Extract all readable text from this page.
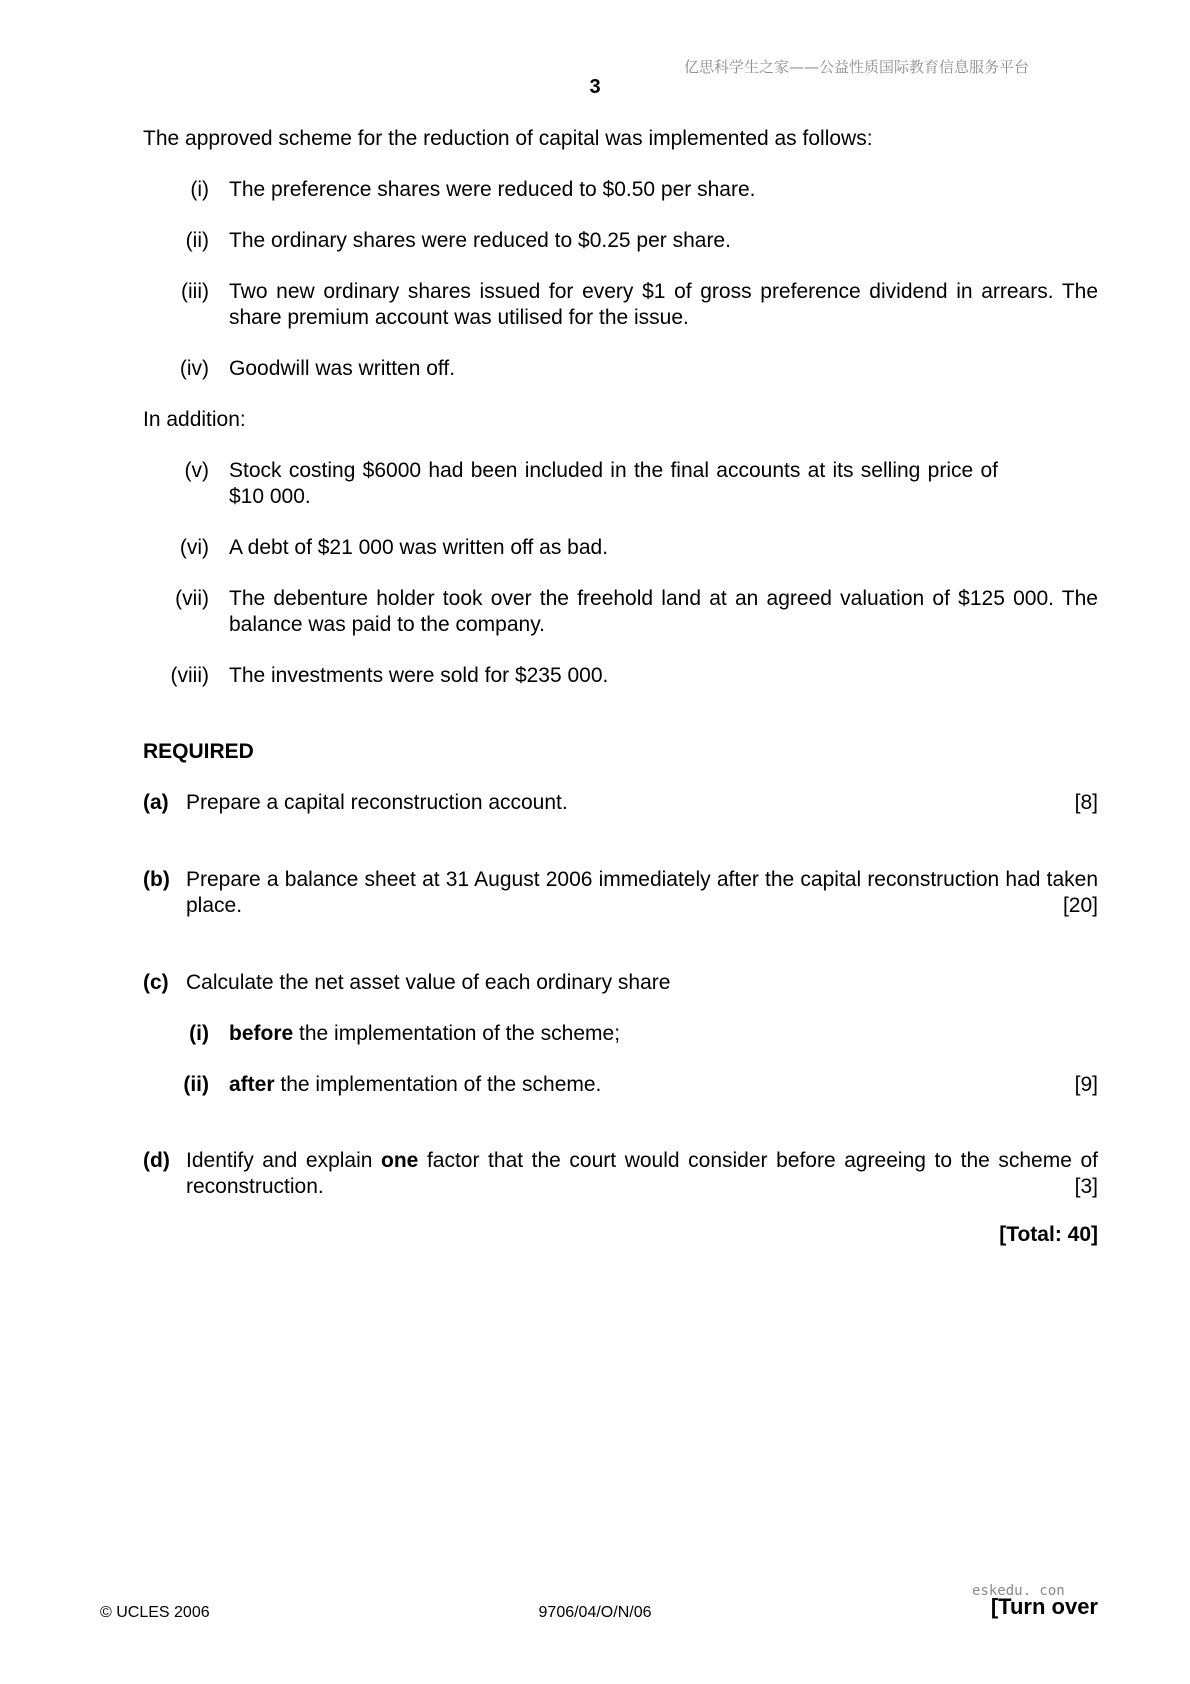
亿思科学生之家——公益性质国际教育信息服务平台
3
The approved scheme for the reduction of capital was implemented as follows:
(i) The preference shares were reduced to $0.50 per share.
(ii) The ordinary shares were reduced to $0.25 per share.
(iii) Two new ordinary shares issued for every $1 of gross preference dividend in arrears. The share premium account was utilised for the issue.
(iv) Goodwill was written off.
In addition:
(v) Stock costing $6000 had been included in the final accounts at its selling price of $10 000.
(vi) A debt of $21 000 was written off as bad.
(vii) The debenture holder took over the freehold land at an agreed valuation of $125 000. The balance was paid to the company.
(viii) The investments were sold for $235 000.
REQUIRED
(a) Prepare a capital reconstruction account.	[8]
(b) Prepare a balance sheet at 31 August 2006 immediately after the capital reconstruction had taken place.	[20]
(c) Calculate the net asset value of each ordinary share
(i) before the implementation of the scheme;
(ii) after the implementation of the scheme.	[9]
(d) Identify and explain one factor that the court would consider before agreeing to the scheme of reconstruction.	[3]
[Total: 40]
eskedu. con
© UCLES 2006	9706/04/O/N/06	[Turn over
